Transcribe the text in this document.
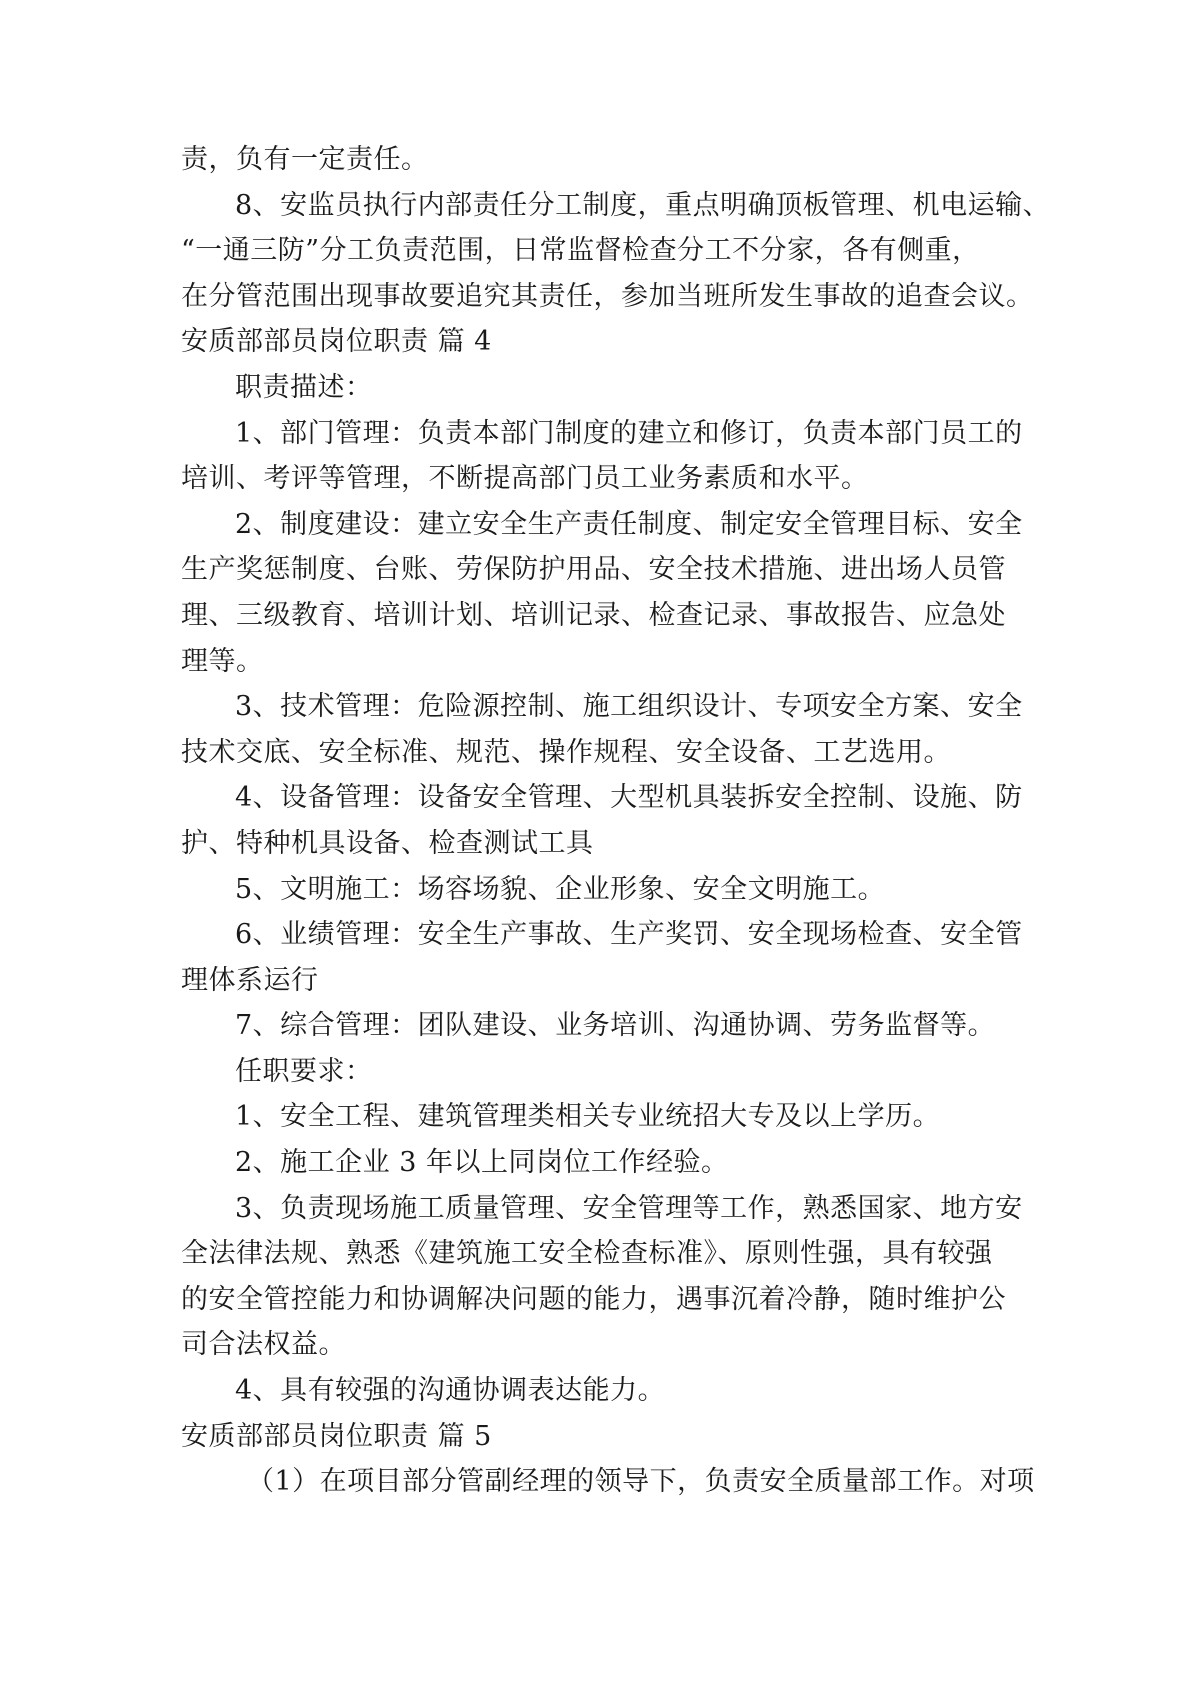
责，负有一定责任。
8、安监员执行内部责任分工制度，重点明确顶板管理、机电运输、
“一通三防”分工负责范围，日常监督检查分工不分家，各有侧重，
在分管范围出现事故要追究其责任，参加当班所发生事故的追查会议。
安质部部员岗位职责 篇 4
职责描述：
1、部门管理：负责本部门制度的建立和修订，负责本部门员工的
培训、考评等管理，不断提高部门员工业务素质和水平。
2、制度建设：建立安全生产责任制度、制定安全管理目标、安全
生产奖惩制度、台账、劳保防护用品、安全技术措施、进出场人员管
理、三级教育、培训计划、培训记录、检查记录、事故报告、应急处
理等。
3、技术管理：危险源控制、施工组织设计、专项安全方案、安全
技术交底、安全标准、规范、操作规程、安全设备、工艺选用。
4、设备管理：设备安全管理、大型机具装拆安全控制、设施、防
护、特种机具设备、检查测试工具
5、文明施工：场容场貌、企业形象、安全文明施工。
6、业绩管理：安全生产事故、生产奖罚、安全现场检查、安全管
理体系运行
7、综合管理：团队建设、业务培训、沟通协调、劳务监督等。
任职要求：
1、安全工程、建筑管理类相关专业统招大专及以上学历。
2、施工企业 3 年以上同岗位工作经验。
3、负责现场施工质量管理、安全管理等工作，熟悉国家、地方安
全法律法规、熟悉《建筑施工安全检查标准》、原则性强，具有较强
的安全管控能力和协调解决问题的能力，遇事沉着冷静，随时维护公
司合法权益。
4、具有较强的沟通协调表达能力。
安质部部员岗位职责 篇 5
（1）在项目部分管副经理的领导下，负责安全质量部工作。对项
